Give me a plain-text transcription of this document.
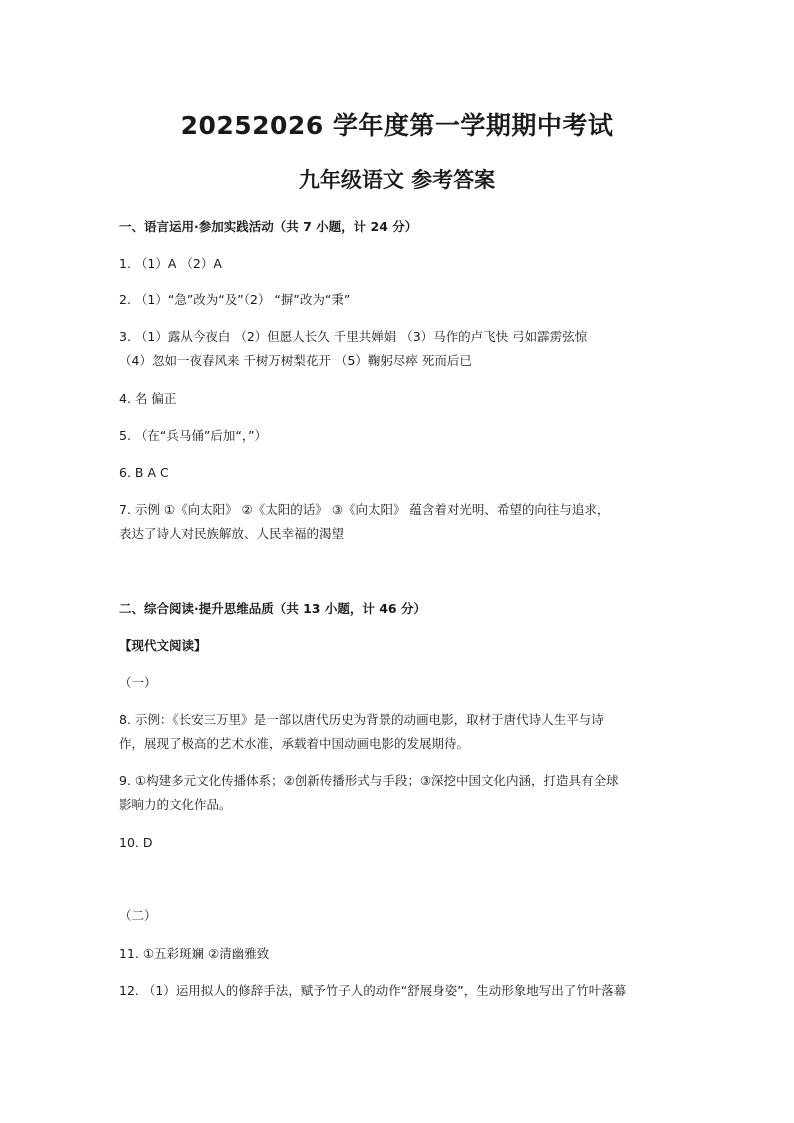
20252026 学年度第一学期期中考试
九年级语文 参考答案
一、语言运用·参加实践活动（共 7 小题，计 24 分）
1. （1）A （2）A
2. （1）“急”改为“及”（2） “摒”改为“秉”
3. （1）露从今夜白 （2）但愿人长久 千里共婵娟 （3）马作的卢飞快 弓如霹雳弦惊
（4）忽如一夜春风来 千树万树梨花开 （5）鞠躬尽瘁 死而后已
4. 名 偏正
5. （在“兵马俑”后加“，”）
6. B A C
7. 示例 ①《向太阳》 ②《太阳的话》 ③《向太阳》 蕴含着对光明、希望的向往与追求，
表达了诗人对民族解放、人民幸福的渴望
二、综合阅读·提升思维品质（共 13 小题，计 46 分）
【现代文阅读】
（一）
8. 示例：《长安三万里》是一部以唐代历史为背景的动画电影，取材于唐代诗人生平与诗
作，展现了极高的艺术水准，承载着中国动画电影的发展期待。
9. ①构建多元文化传播体系；②创新传播形式与手段；③深挖中国文化内涵，打造具有全球
影响力的文化作品。
10. D
（二）
11. ①五彩斑斓 ②清幽雅致
12. （1）运用拟人的修辞手法，赋予竹子人的动作“舒展身姿”，生动形象地写出了竹叶落幕
